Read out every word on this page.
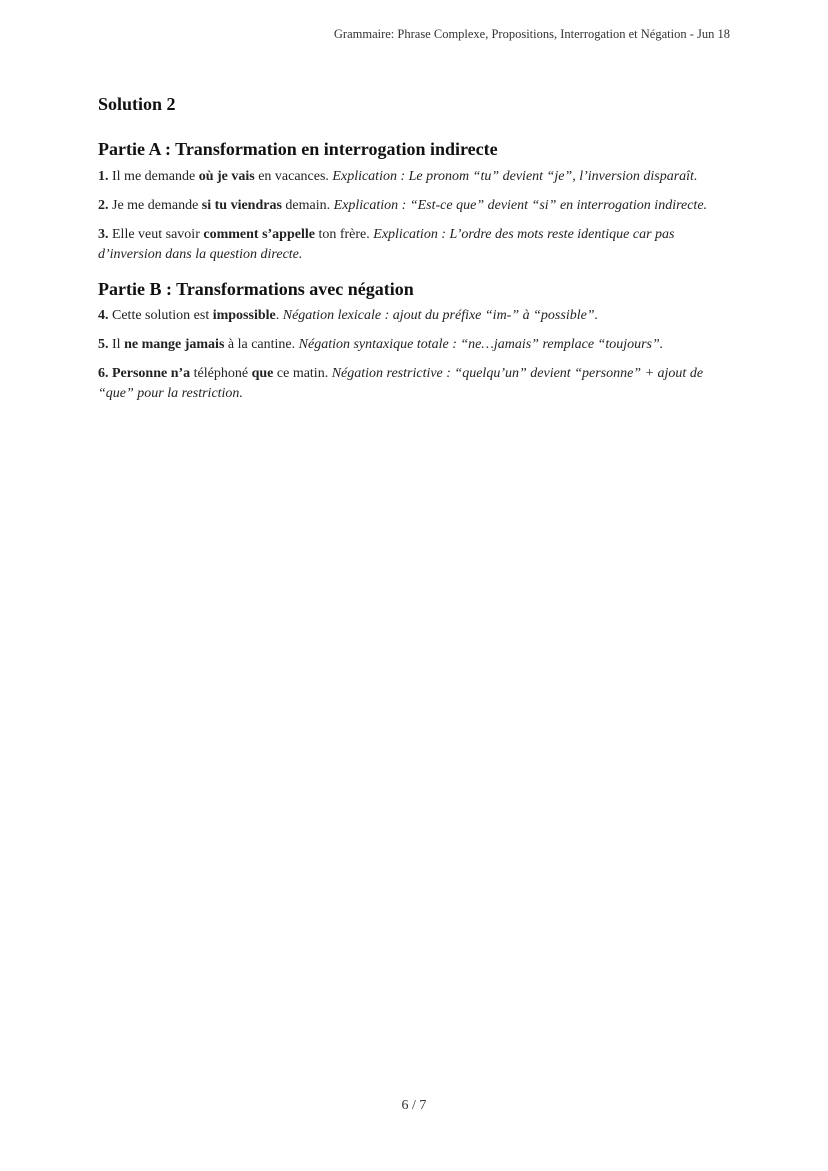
Grammaire: Phrase Complexe, Propositions, Interrogation et Négation - Jun 18
Solution 2
Partie A : Transformation en interrogation indirecte

1. Il me demande où je vais en vacances. Explication : Le pronom “tu” devient “je”, l’inversion disparaît.

2. Je me demande si tu viendras demain. Explication : “Est-ce que” devient “si” en interrogation indirecte.

3. Elle veut savoir comment s’appelle ton frère. Explication : L’ordre des mots reste identique car pas d’inversion dans la question directe.

Partie B : Transformations avec négation

4. Cette solution est impossible. Négation lexicale : ajout du préfixe “im-” à “possible”.

5. Il ne mange jamais à la cantine. Négation syntaxique totale : “ne…jamais” remplace “toujours”.

6. Personne n’a téléphoné que ce matin. Négation restrictive : “quelqu’un” devient “personne” + ajout de “que” pour la restriction.

6 / 7
